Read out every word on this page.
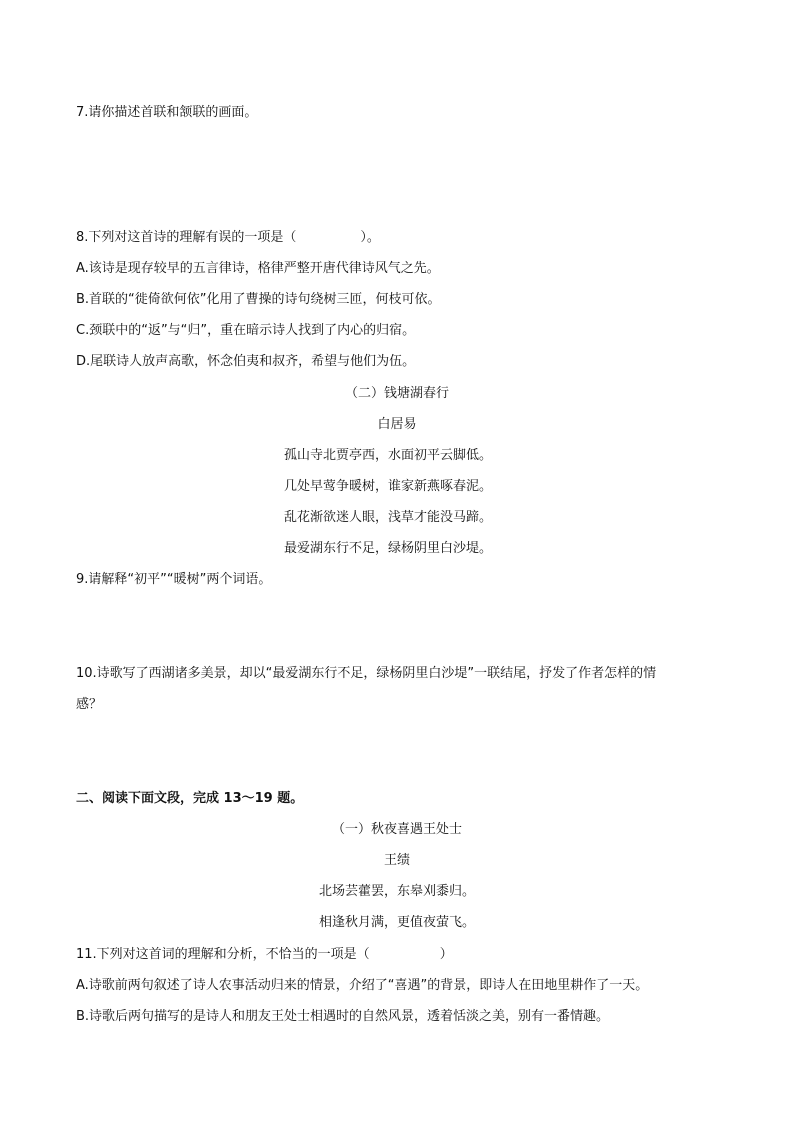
7.请你描述首联和颔联的画面。
8.下列对这首诗的理解有误的一项是（	）。
A.该诗是现存较早的五言律诗，格律严整开唐代律诗风气之先。
B.首联的“徙倚欲何依”化用了曹操的诗句绕树三匝，何枝可依。
C.颈联中的“返”与“归”，重在暗示诗人找到了内心的归宿。
D.尾联诗人放声高歌，怀念伯夷和叔齐，希望与他们为伍。
（二）钱塘湖春行
白居易
孤山寺北贾亭西，水面初平云脚低。
几处早莺争暖树，谁家新燕啄春泥。
乱花渐欲迷人眼，浅草才能没马蹄。
最爱湖东行不足，绿杨阴里白沙堤。
9.请解释“初平”“暖树”两个词语。
10.诗歌写了西湖诸多美景，却以“最爱湖东行不足，绿杨阴里白沙堤”一联结尾，抒发了作者怎样的情
感？
二、阅读下面文段，完成 13～19 题。
（一）秋夜喜遇王处士
王绩
北场芸藿罢，东皋刈黍归。
相逢秋月满，更值夜萤飞。
11.下列对这首词的理解和分析，不恰当的一项是（	）
A.诗歌前两句叙述了诗人农事活动归来的情景，介绍了“喜遇”的背景，即诗人在田地里耕作了一天。
B.诗歌后两句描写的是诗人和朋友王处士相遇时的自然风景，透着恬淡之美，别有一番情趣。
